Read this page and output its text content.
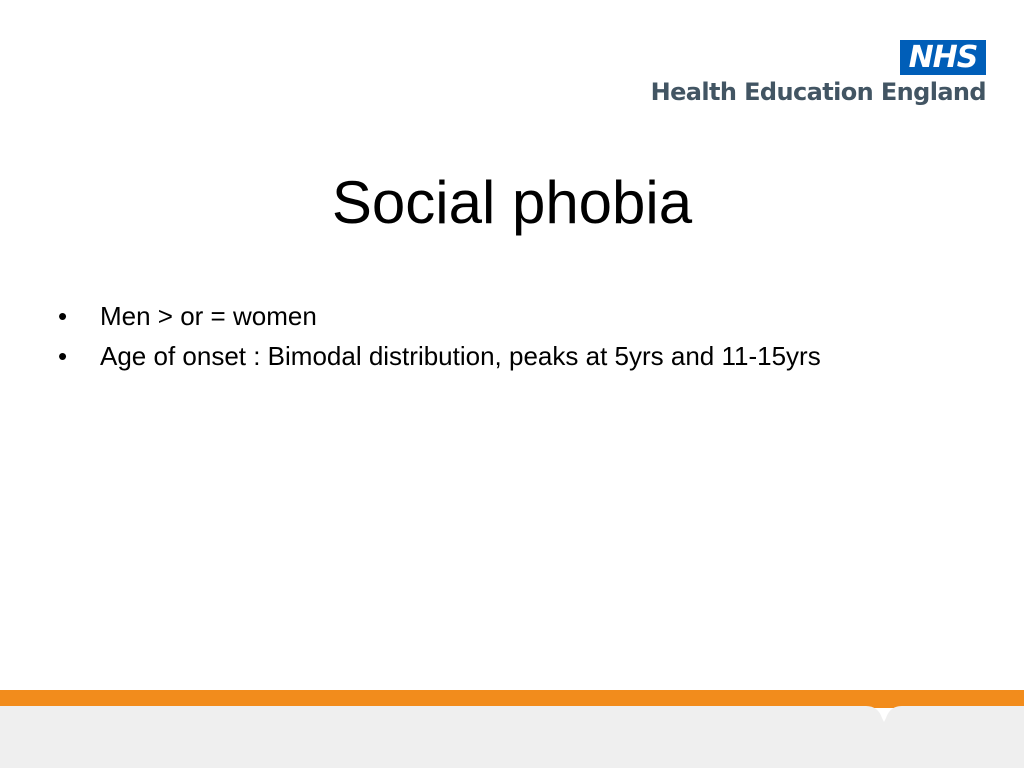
NHS
Health Education England
Social phobia
• Men > or = women
• Age of onset : Bimodal distribution, peaks at 5yrs and 11-15yrs
